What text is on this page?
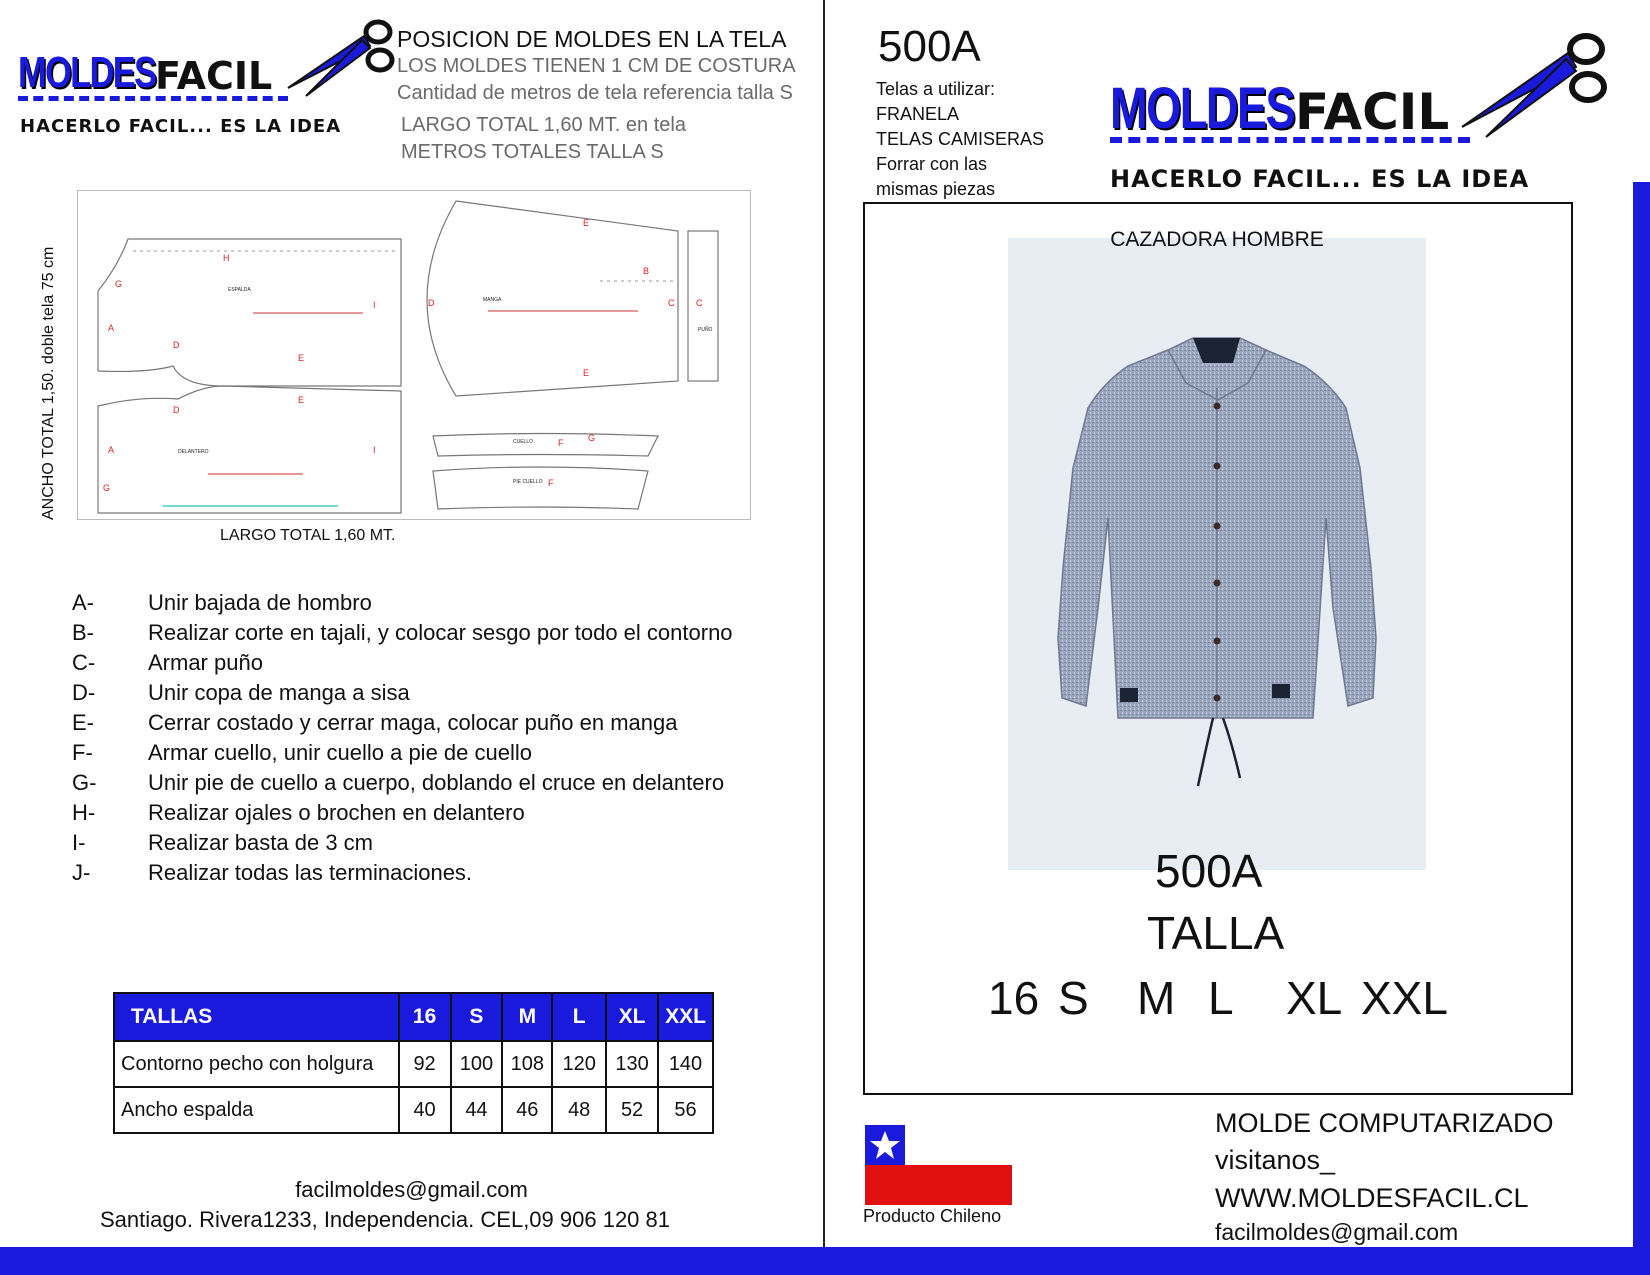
MOLDES FACIL
HACERLO FACIL... ES LA IDEA
POSICION DE MOLDES EN LA TELA
LOS MOLDES TIENEN 1 CM DE COSTURA
Cantidad de metros de tela referencia talla S
LARGO TOTAL 1,60 MT. en tela
METROS TOTALES TALLA S
A
G
D
E
I
H
B
E
E
D	C C
A
D
E
I
G
F	G
F
ESPALDA
MANGA
PUÑO
DELANTERO
CUELLO
PIE CUELLO
ANCHO TOTAL 1,50. doble tela 75 cm
LARGO TOTAL 1,60 MT.
A- Unir bajada de hombro
B- Realizar corte en tajali, y colocar sesgo por todo el contorno
C- Armar puño
D- Unir copa de manga a sisa
E- Cerrar costado y cerrar maga, colocar puño en manga
F-	Armar cuello, unir cuello a pie de cuello
G- Unir pie de cuello a cuerpo, doblando el cruce en delantero
H- Realizar ojales o brochen en delantero
I-	Realizar basta de 3 cm
J-	Realizar todas las terminaciones.
TALLAS	16	S	M	L	XL	XXL
Contorno pecho con holgura	92	100	108	120	130	140
Ancho espalda	40	44	46	48	52	56
facilmoldes@gmail.com
Santiago. Rivera1233, Independencia. CEL,09 906 120 81
500A
Telas a utilizar:
FRANELA
TELAS CAMISERAS
Forrar con las
mismas piezas
MOLDES FACIL
HACERLO FACIL... ES LA IDEA
CAZADORA HOMBRE
500A
TALLA
16 S M L XL XXL
Producto Chileno
MOLDE COMPUTARIZADO
visitanos_
WWW.MOLDESFACIL.CL
facilmoldes@gmail.com
